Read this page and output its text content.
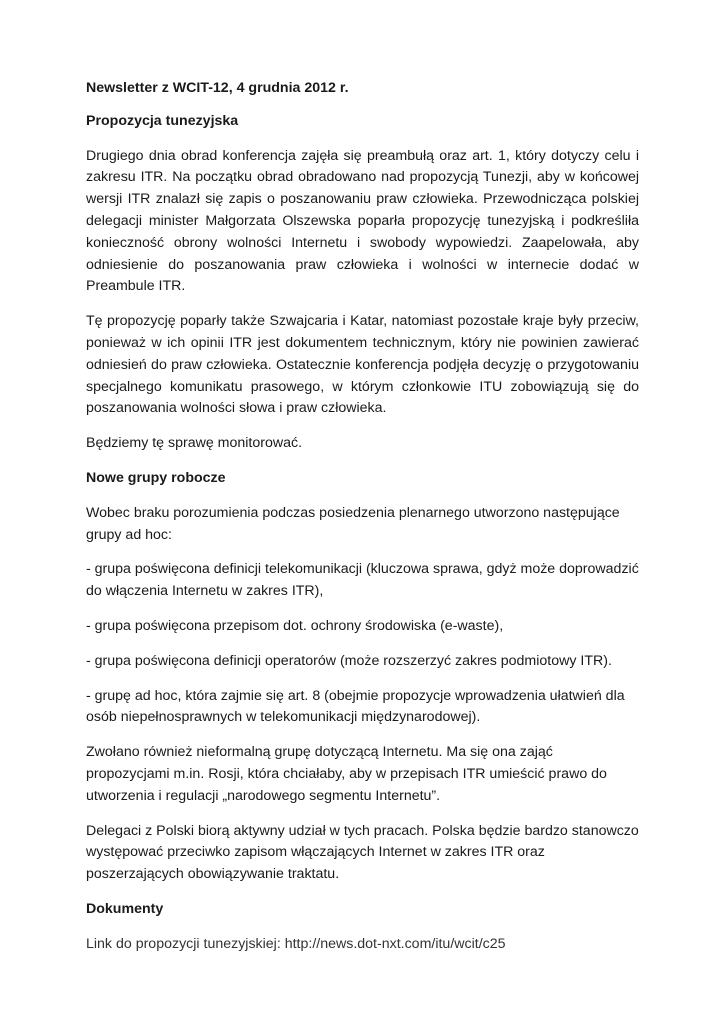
Newsletter z WCIT-12, 4 grudnia 2012 r.

Propozycja tunezyjska

Drugiego dnia obrad konferencja zajęła się preambułą oraz art. 1, który dotyczy celu i zakresu ITR. Na początku obrad obradowano nad propozycją Tunezji, aby w końcowej wersji ITR znalazł się zapis o poszanowaniu praw człowieka. Przewodnicząca polskiej delegacji minister Małgorzata Olszewska poparła propozycję tunezyjską i podkreśliła konieczność obrony wolności Internetu i swobody wypowiedzi. Zaapelowała, aby odniesienie do poszanowania praw człowieka i wolności w internecie dodać w Preambule ITR.

Tę propozycję poparły także Szwajcaria i Katar, natomiast pozostałe kraje były przeciw, ponieważ w ich opinii ITR jest dokumentem technicznym, który nie powinien zawierać odniesień do praw człowieka. Ostatecznie konferencja podjęła decyzję o przygotowaniu specjalnego komunikatu prasowego, w którym członkowie ITU zobowiązują się do poszanowania wolności słowa i praw człowieka.

Będziemy tę sprawę monitorować.

Nowe grupy robocze

Wobec braku porozumienia podczas posiedzenia plenarnego utworzono następujące grupy ad hoc:

- grupa poświęcona definicji telekomunikacji (kluczowa sprawa, gdyż może doprowadzić do włączenia Internetu w zakres ITR),

- grupa poświęcona przepisom dot. ochrony środowiska (e-waste),

- grupa poświęcona definicji operatorów (może rozszerzyć zakres podmiotowy ITR).

- grupę ad hoc, która zajmie się art. 8 (obejmie propozycje wprowadzenia ułatwień dla osób niepełnosprawnych w telekomunikacji międzynarodowej).

Zwołano również nieformalną grupę dotyczącą Internetu. Ma się ona zająć propozycjami m.in. Rosji, która chciałaby, aby w przepisach ITR umieścić prawo do utworzenia i regulacji „narodowego segmentu Internetu”.

Delegaci z Polski biorą aktywny udział w tych pracach. Polska będzie bardzo stanowczo występować przeciwko zapisom włączających Internet w zakres ITR oraz poszerzających obowiązywanie traktatu.

Dokumenty

Link do propozycji tunezyjskiej: http://news.dot-nxt.com/itu/wcit/c25
